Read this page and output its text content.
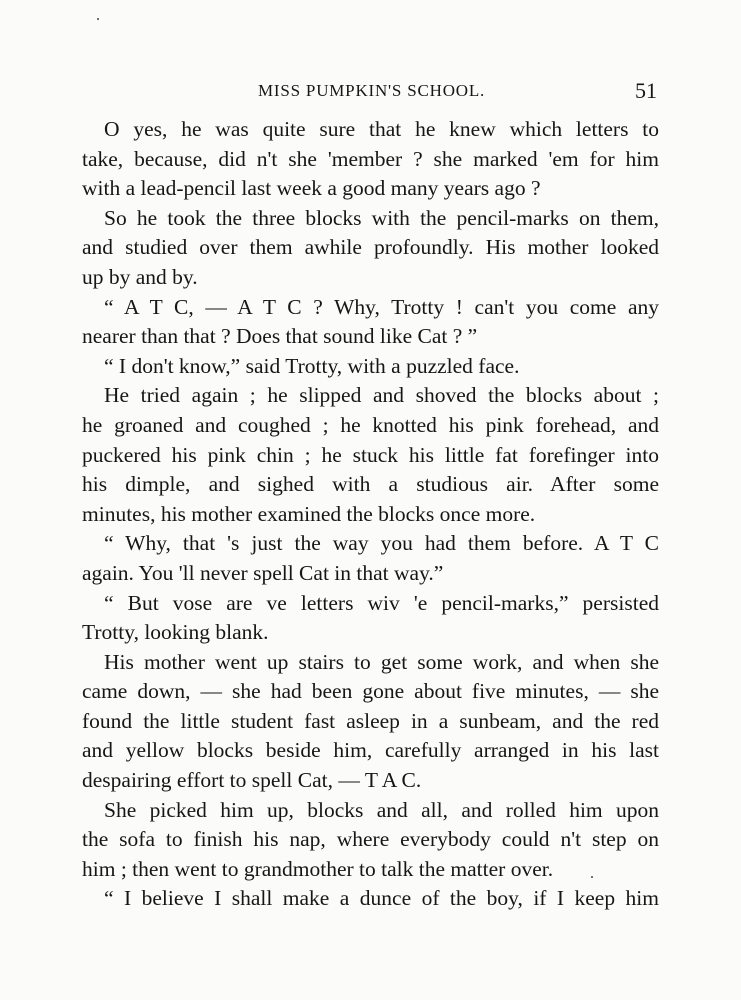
MISS PUMPKIN'S SCHOOL.	51
O yes, he was quite sure that he knew which letters to
take, because, did n't she 'member ? she marked 'em for him
with a lead-pencil last week a good many years ago ?
So he took the three blocks with the pencil-marks on them,
and studied over them awhile profoundly. His mother looked
up by and by.
“ A T C, — A T C ? Why, Trotty ! can't you come any
nearer than that ? Does that sound like Cat ? ”
“ I don't know,” said Trotty, with a puzzled face.
He tried again ; he slipped and shoved the blocks about ;
he groaned and coughed ; he knotted his pink forehead, and
puckered his pink chin ; he stuck his little fat forefinger into
his dimple, and sighed with a studious air. After some
minutes, his mother examined the blocks once more.
“ Why, that 's just the way you had them before. A T C
again. You 'll never spell Cat in that way.”
“ But vose are ve letters wiv 'e pencil-marks,” persisted
Trotty, looking blank.
His mother went up stairs to get some work, and when she
came down, — she had been gone about five minutes, — she
found the little student fast asleep in a sunbeam, and the red
and yellow blocks beside him, carefully arranged in his last
despairing effort to spell Cat, — T A C.
She picked him up, blocks and all, and rolled him upon
the sofa to finish his nap, where everybody could n't step on
him ; then went to grandmother to talk the matter over.
“ I believe I shall make a dunce of the boy, if I keep him
